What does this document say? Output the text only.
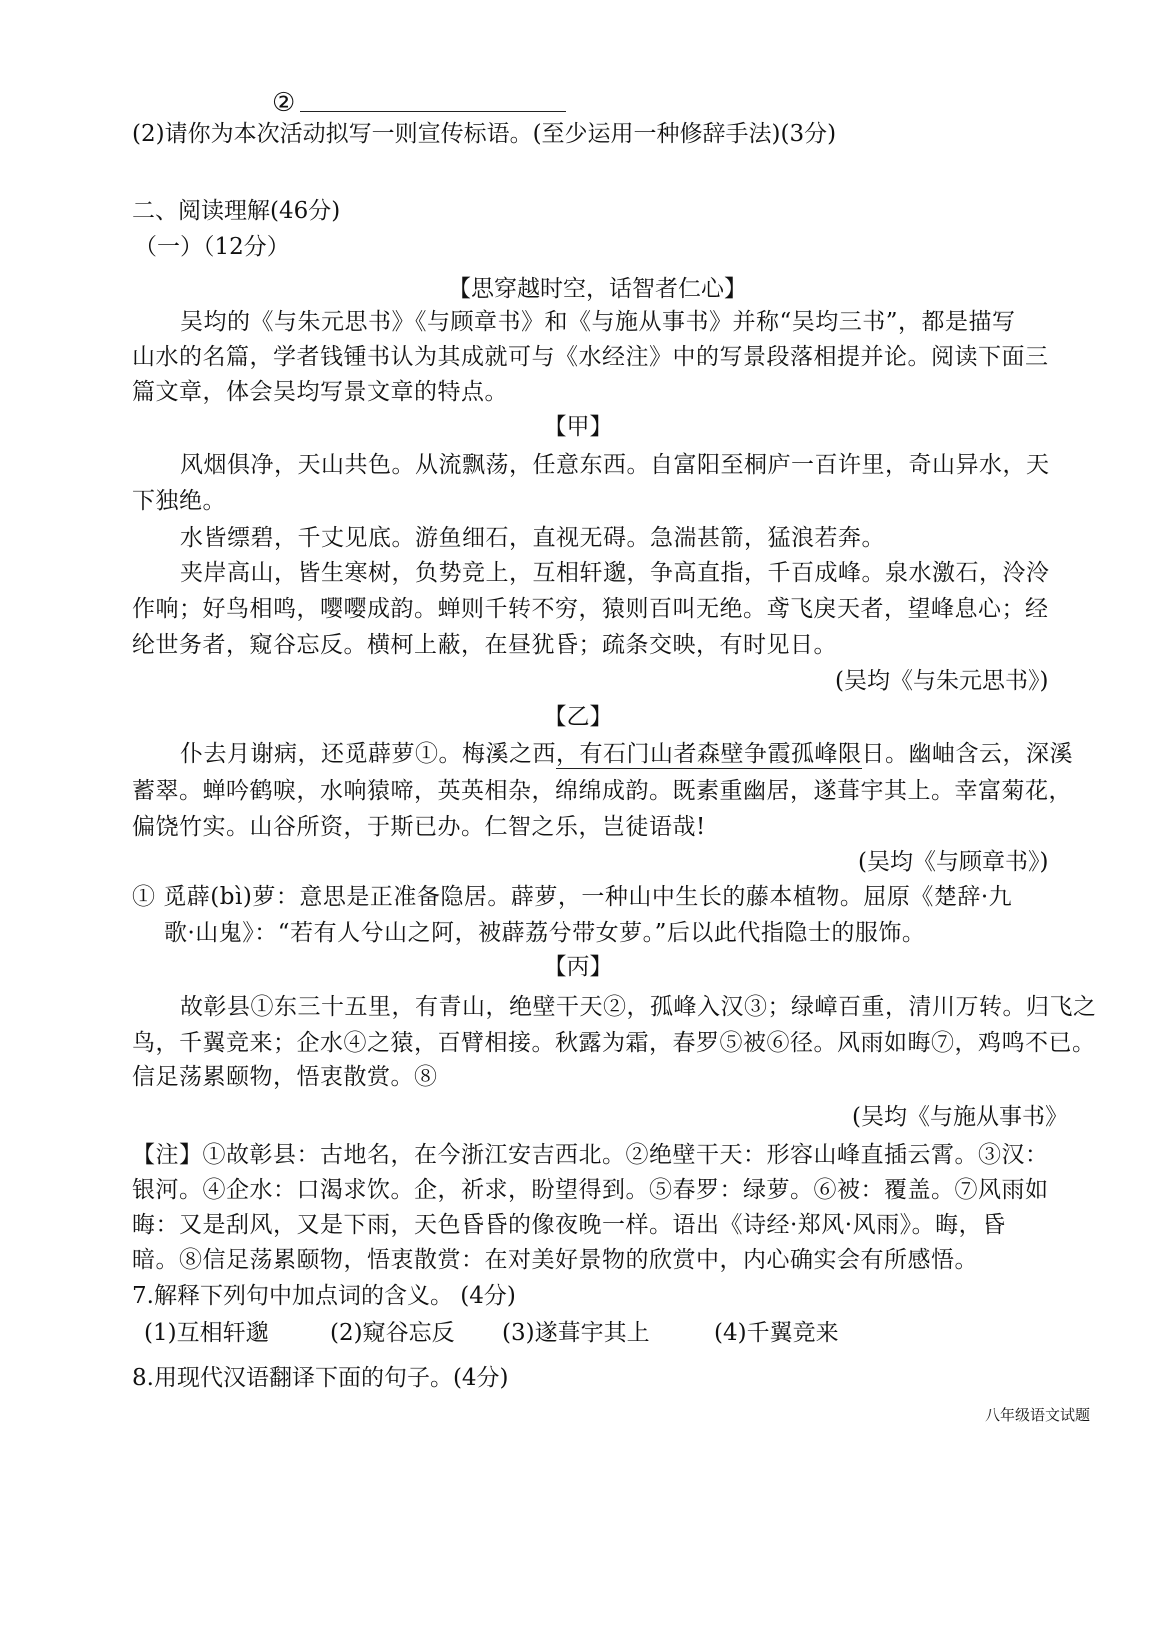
②
(2)请你为本次活动拟写一则宣传标语。(至少运用一种修辞手法)(3分)
二、阅读理解(46分)
（一）（12分）
【思穿越时空，话智者仁心】
吴均的《与朱元思书》《与顾章书》和《与施从事书》并称“吴均三书”，都是描写
山水的名篇，学者钱锺书认为其成就可与《水经注》中的写景段落相提并论。阅读下面三
篇文章，体会吴均写景文章的特点。
【甲】
风烟俱净，天山共色。从流飘荡，任意东西。自富阳至桐庐一百许里，奇山异水，天
下独绝。
水皆缥碧，千丈见底。游鱼细石，直视无碍。急湍甚箭，猛浪若奔。
夹岸高山，皆生寒树，负势竞上，互相轩邈，争高直指，千百成峰。泉水激石，泠泠
作响；好鸟相鸣，嘤嘤成韵。蝉则千转不穷，猿则百叫无绝。鸢飞戾天者，望峰息心；经
纶世务者，窥谷忘反。横柯上蔽，在昼犹昏；疏条交映，有时见日。
(吴均《与朱元思书》)
【乙】
仆去月谢病，还觅薜萝①。梅溪之西，有石门山者森壁争霞孤峰限日。幽岫含云，深溪
蓄翠。蝉吟鹤唳，水响猿啼，英英相杂，绵绵成韵。既素重幽居，遂葺宇其上。幸富菊花，
偏饶竹实。山谷所资，于斯已办。仁智之乐，岂徒语哉!
(吴均《与顾章书》)
① 觅薜(bì)萝：意思是正准备隐居。薜萝，一种山中生长的藤本植物。屈原《楚辞·九
歌·山鬼》：“若有人兮山之阿，被薜荔兮带女萝。”后以此代指隐士的服饰。
【丙】
故彰县①东三十五里，有青山，绝壁干天②，孤峰入汉③；绿嶂百重，清川万转。归飞之
鸟，千翼竞来；企水④之猿，百臂相接。秋露为霜，春罗⑤被⑥径。风雨如晦⑦，鸡鸣不已。
信足荡累颐物，悟衷散赏。⑧
(吴均《与施从事书》
【注】①故彰县：古地名，在今浙江安吉西北。②绝壁干天：形容山峰直插云霄。③汉：
银河。④企水：口渴求饮。企，祈求，盼望得到。⑤春罗：绿萝。⑥被：覆盖。⑦风雨如
晦：又是刮风，又是下雨，天色昏昏的像夜晚一样。语出《诗经·郑风·风雨》。晦，昏
暗。⑧信足荡累颐物，悟衷散赏：在对美好景物的欣赏中，内心确实会有所感悟。
7.解释下列句中加点词的含义。 (4分)
(1)互相轩邈	(2)窥谷忘反 (3)遂葺宇其上	(4)千翼竞来
8.用现代汉语翻译下面的句子。(4分)
八年级语文试题
